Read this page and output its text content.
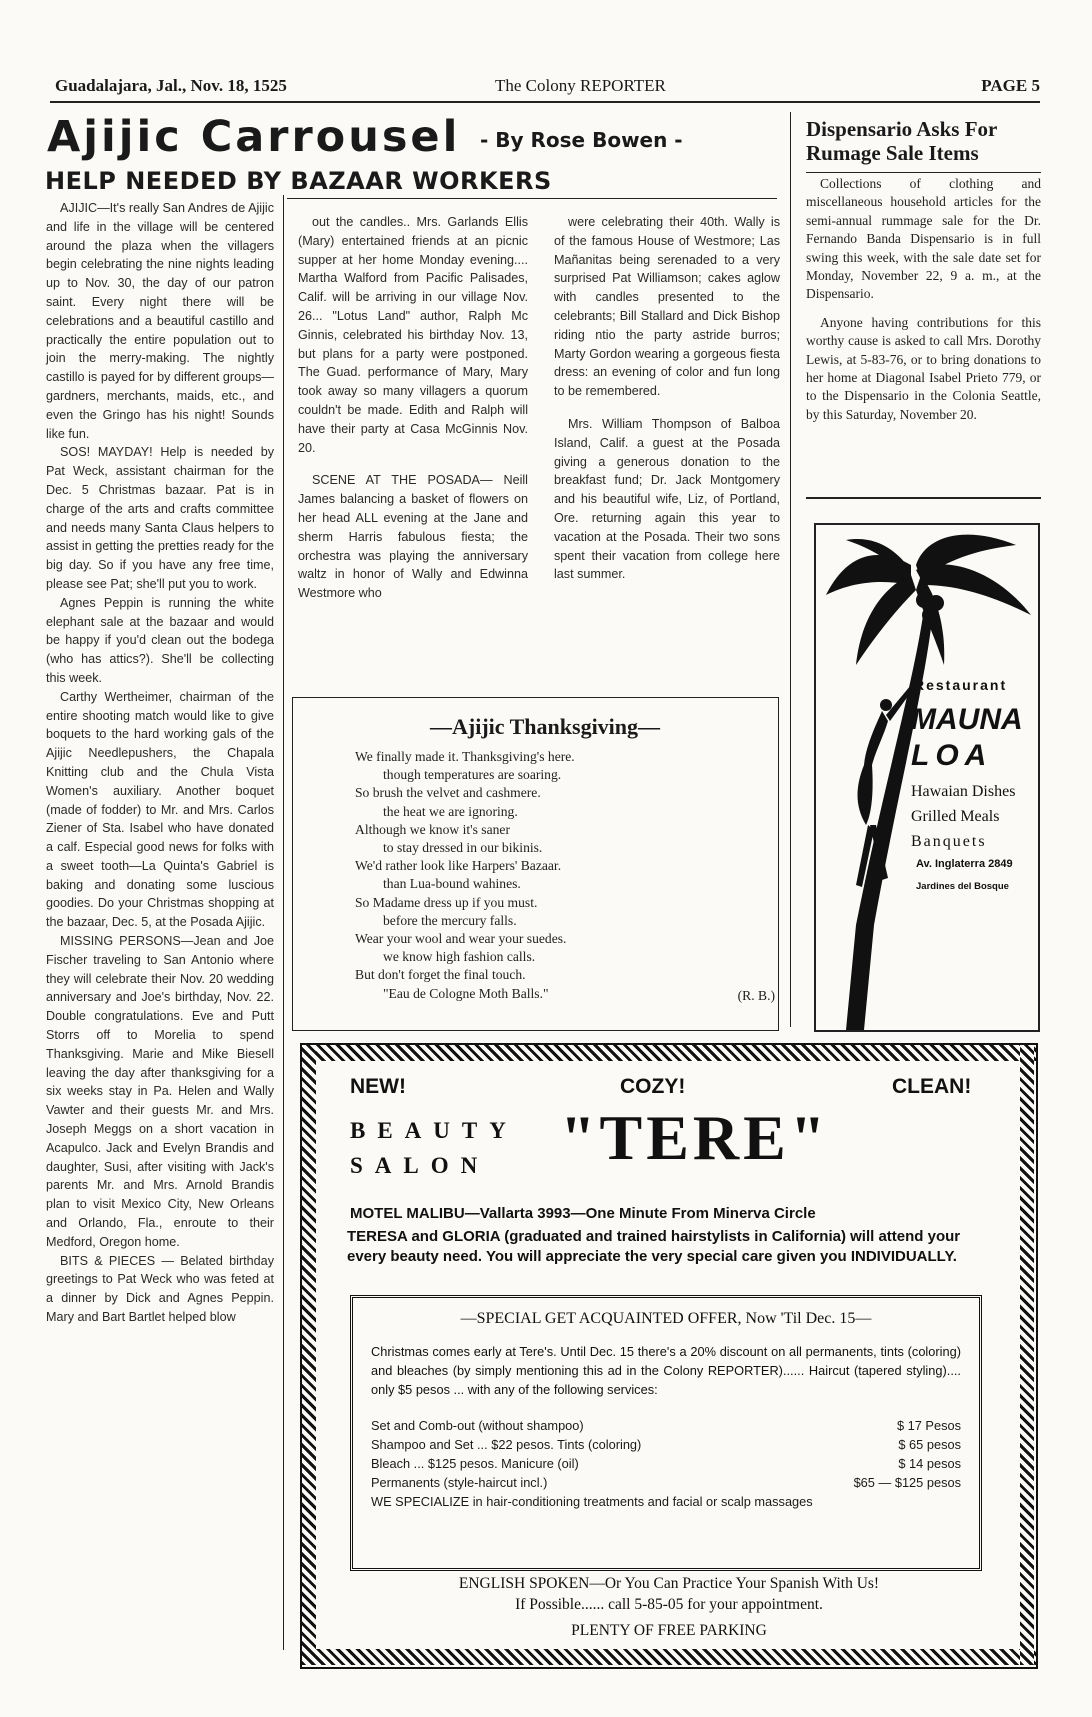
Guadalajara, Jal., Nov. 18, 1525	The Colony REPORTER	PAGE 5
Ajijic Carrousel - By Rose Bowen -
HELP NEEDED BY BAZAAR WORKERS

AJIJIC—It's really San Andres de Ajijic and life in the village will be centered around the plaza when the villagers begin celebrating the nine nights leading up to Nov. 30, the day of our patron saint. Every night there will be celebrations and a beautiful castillo and practically the entire population out to join the merry-making. The nightly castillo is payed for by different groups— gardners, merchants, maids, etc., and even the Gringo has his night! Sounds like fun.

SOS! MAYDAY! Help is needed by Pat Weck, assistant chairman for the Dec. 5 Christmas bazaar. Pat is in charge of the arts and crafts committee and needs many Santa Claus helpers to assist in getting the pretties ready for the big day. So if you have any free time, please see Pat; she'll put you to work.

Agnes Peppin is running the white elephant sale at the bazaar and would be happy if you'd clean out the bodega (who has attics?). She'll be collecting this week.

Carthy Wertheimer, chairman of the entire shooting match would like to give boquets to the hard working gals of the Ajijic Needlepushers, the Chapala Knitting club and the Chula Vista Women's auxiliary. Another boquet (made of fodder) to Mr. and Mrs. Carlos Ziener of Sta. Isabel who have donated a calf. Especial good news for folks with a sweet tooth—La Quinta's Gabriel is baking and donating some luscious goodies. Do your Christmas shopping at the bazaar, Dec. 5, at the Posada Ajijic.

MISSING PERSONS—Jean and Joe Fischer traveling to San Antonio where they will celebrate their Nov. 20 wedding anniversary and Joe's birthday, Nov. 22. Double congratulations. Eve and Putt Storrs off to Morelia to spend Thanksgiving. Marie and Mike Biesell leaving the day after thanksgiving for a six weeks stay in Pa. Helen and Wally Vawter and their guests Mr. and Mrs. Joseph Meggs on a short vacation in Acapulco. Jack and Evelyn Brandis and daughter, Susi, after visiting with Jack's parents Mr. and Mrs. Arnold Brandis plan to visit Mexico City, New Orleans and Orlando, Fla., enroute to their Medford, Oregon home.

BITS & PIECES — Belated birthday greetings to Pat Weck who was feted at a dinner by Dick and Agnes Peppin. Mary and Bart Bartlet helped blow

out the candles.. Mrs. Garlands Ellis (Mary) entertained friends at an picnic supper at her home Monday evening.... Martha Walford from Pacific Palisades, Calif. will be arriving in our village Nov. 26... "Lotus Land" author, Ralph Mc Ginnis, celebrated his birthday Nov. 13, but plans for a party were postponed. The Guad. performance of Mary, Mary took away so many villagers a quorum couldn't be made. Edith and Ralph will have their party at Casa McGinnis Nov. 20.

SCENE AT THE POSADA— Neill James balancing a basket of flowers on her head ALL evening at the Jane and sherm Harris fabulous fiesta; the orchestra was playing the anniversary waltz in honor of Wally and Edwinna Westmore who

were celebrating their 40th. Wally is of the famous House of Westmore; Las Mañanitas being serenaded to a very surprised Pat Williamson; cakes aglow with candles presented to the celebrants; Bill Stallard and Dick Bishop riding ntio the party astride burros; Marty Gordon wearing a gorgeous fiesta dress: an evening of color and fun long to be remembered.

Mrs. William Thompson of Balboa Island, Calif. a guest at the Posada giving a generous donation to the breakfast fund; Dr. Jack Montgomery and his beautiful wife, Liz, of Portland, Ore. returning again this year to vacation at the Posada. Their two sons spent their vacation from college here last summer.

—Ajijic Thanksgiving—
We finally made it. Thanksgiving's here.
though temperatures are soaring.
So brush the velvet and cashmere.
the heat we are ignoring.
Although we know it's saner
to stay dressed in our bikinis.
We'd rather look like Harpers' Bazaar.
than Lua-bound wahines.
So Madame dress up if you must.
before the mercury falls.
Wear your wool and wear your suedes.
we know high fashion calls.
But don't forget the final touch.
"Eau de Cologne Moth Balls."	(R. B.)
Dispensario Asks For Rumage Sale Items

Collections of clothing and miscellaneous household articles for the semi-annual rummage sale for the Dr. Fernando Banda Dispensario is in full swing this week, with the sale date set for Monday, November 22, 9 a. m., at the Dispensario.

Anyone having contributions for this worthy cause is asked to call Mrs. Dorothy Lewis, at 5-83-76, or to bring donations to her home at Diagonal Isabel Prieto 779, or to the Dispensario in the Colonia Seattle, by this Saturday, November 20.

Restaurant
MAUNA
LOA
Hawaian Dishes
Grilled Meals
Banquets
Av. Inglaterra 2849
Jardines del Bosque
NEW!	COZY!	CLEAN!
BEAUTY
SALON "TERE"
MOTEL MALIBU—Vallarta 3993—One Minute From Minerva Circle
TERESA and GLORIA (graduated and trained hairstylists in California) will attend your every beauty need. You will appreciate the very special care given you INDIVIDUALLY.
—SPECIAL GET ACQUAINTED OFFER, Now 'Til Dec. 15—
Christmas comes early at Tere's. Until Dec. 15 there's a 20% discount on all permanents, tints (coloring) and bleaches (by simply mentioning this ad in the Colony REPORTER)...... Haircut (tapered styling).... only $5 pesos ... with any of the following services:
Set and Comb-out (without shampoo)	$ 17 Pesos
Shampoo and Set ... $22 pesos. Tints (coloring)	$ 65 pesos
Bleach ... $125 pesos. Manicure (oil)	$ 14 pesos
Permanents (style-haircut incl.)	$65 — $125 pesos
WE SPECIALIZE in hair-conditioning treatments and facial or scalp massages
ENGLISH SPOKEN—Or You Can Practice Your Spanish With Us!
If Possible...... call 5-85-05 for your appointment.
PLENTY OF FREE PARKING
